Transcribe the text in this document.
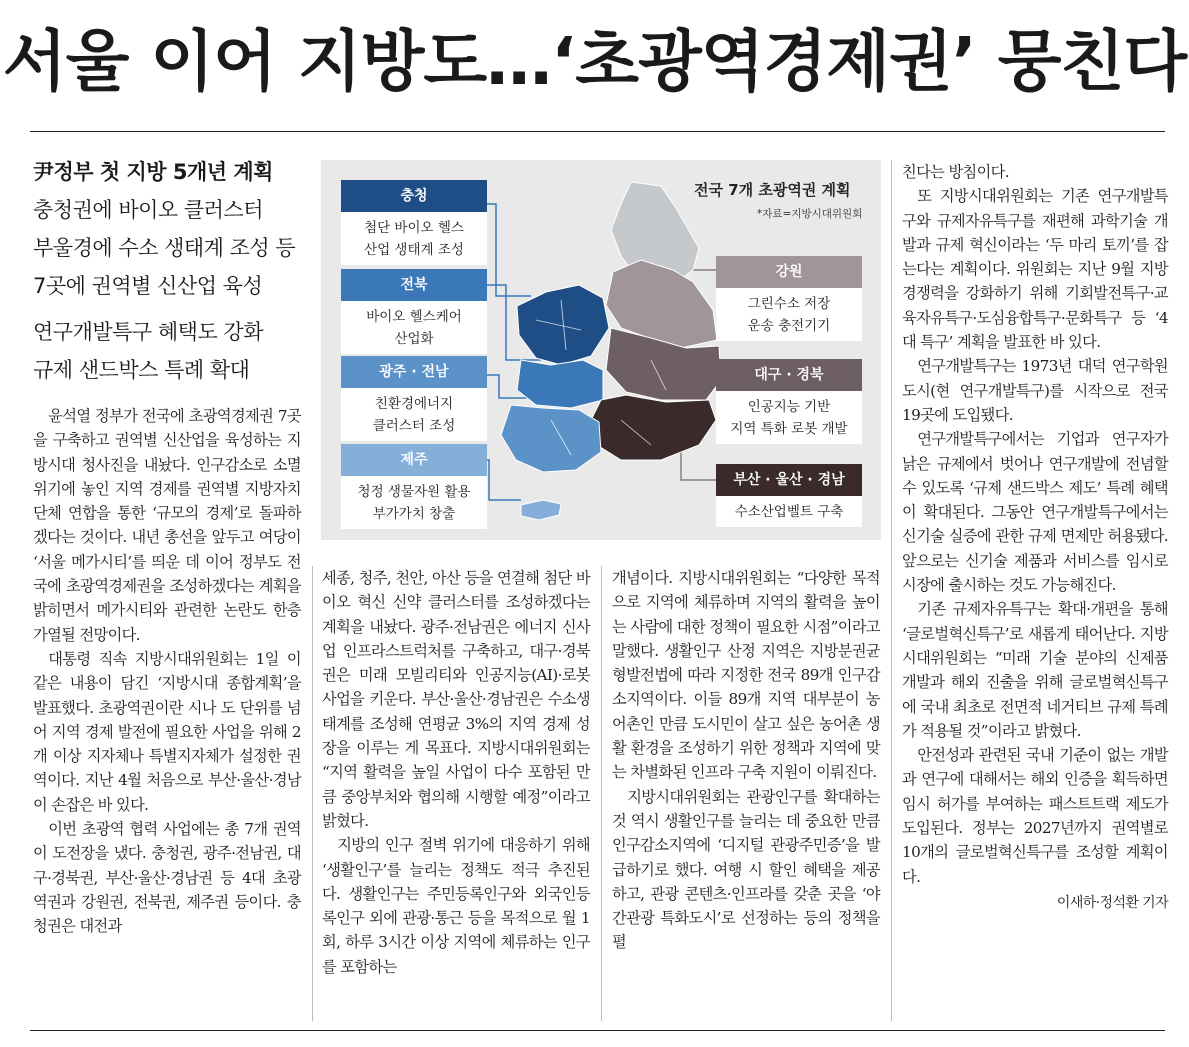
서울 이어 지방도…‘초광역경제권’ 뭉친다
尹정부 첫 지방 5개년 계획
충청권에 바이오 클러스터
부울경에 수소 생태계 조성 등
7곳에 권역별 신산업 육성
연구개발특구 혜택도 강화
규제 샌드박스 특례 확대
전국 7개 초광역권 계획
*자료=지방시대위원회
충청
첨단 바이오 헬스
산업 생태계 조성
전북
바이오 헬스케어
산업화
광주 · 전남
친환경에너지
클러스터 조성
제주
청정 생물자원 활용
부가가치 창출
강원
그린수소 저장
운송 충전기기
대구 · 경북
인공지능 기반
지역 특화 로봇 개발
부산 · 울산 · 경남
수소산업벨트 구축

윤석열 정부가 전국에 초광역경제권 7곳을 구축하고 권역별 신산업을 육성하는 지방시대 청사진을 내놨다. 인구감소로 소멸 위기에 놓인 지역 경제를 권역별 지방자치단체 연합을 통한 ‘규모의 경제’로 돌파하겠다는 것이다. 내년 총선을 앞두고 여당이 ‘서울 메가시티’를 띄운 데 이어 정부도 전국에 초광역경제권을 조성하겠다는 계획을 밝히면서 메가시티와 관련한 논란도 한층 가열될 전망이다.

대통령 직속 지방시대위원회는 1일 이 같은 내용이 담긴 ‘지방시대 종합계획’을 발표했다. 초광역권이란 시나 도 단위를 넘어 지역 경제 발전에 필요한 사업을 위해 2개 이상 지자체나 특별지자체가 설정한 권역이다. 지난 4월 처음으로 부산·울산·경남이 손잡은 바 있다.

이번 초광역 협력 사업에는 총 7개 권역이 도전장을 냈다. 충청권, 광주·전남권, 대구·경북권, 부산·울산·경남권 등 4대 초광역권과 강원권, 전북권, 제주권 등이다. 충청권은 대전과

세종, 청주, 천안, 아산 등을 연결해 첨단 바이오 혁신 신약 클러스터를 조성하겠다는 계획을 내놨다. 광주·전남권은 에너지 신사업 인프라스트럭처를 구축하고, 대구·경북권은 미래 모빌리티와 인공지능(AI)·로봇사업을 키운다. 부산·울산·경남권은 수소생태계를 조성해 연평균 3%의 지역 경제 성장을 이루는 게 목표다. 지방시대위원회는 “지역 활력을 높일 사업이 다수 포함된 만큼 중앙부처와 협의해 시행할 예정”이라고 밝혔다.

지방의 인구 절벽 위기에 대응하기 위해 ‘생활인구’를 늘리는 정책도 적극 추진된다. 생활인구는 주민등록인구와 외국인등록인구 외에 관광·통근 등을 목적으로 월 1회, 하루 3시간 이상 지역에 체류하는 인구를 포함하는

개념이다. 지방시대위원회는 “다양한 목적으로 지역에 체류하며 지역의 활력을 높이는 사람에 대한 정책이 필요한 시점”이라고 말했다. 생활인구 산정 지역은 지방분권균형발전법에 따라 지정한 전국 89개 인구감소지역이다. 이들 89개 지역 대부분이 농어촌인 만큼 도시민이 살고 싶은 농어촌 생활 환경을 조성하기 위한 정책과 지역에 맞는 차별화된 인프라 구축 지원이 이뤄진다.

지방시대위원회는 관광인구를 확대하는 것 역시 생활인구를 늘리는 데 중요한 만큼 인구감소지역에 ‘디지털 관광주민증’을 발급하기로 했다. 여행 시 할인 혜택을 제공하고, 관광 콘텐츠·인프라를 갖춘 곳을 ‘야간관광 특화도시’로 선정하는 등의 정책을 펼

친다는 방침이다.

또 지방시대위원회는 기존 연구개발특구와 규제자유특구를 재편해 과학기술 개발과 규제 혁신이라는 ‘두 마리 토끼’를 잡는다는 계획이다. 위원회는 지난 9월 지방 경쟁력을 강화하기 위해 기회발전특구·교육자유특구·도심융합특구·문화특구 등 ‘4대 특구’ 계획을 발표한 바 있다.

연구개발특구는 1973년 대덕 연구학원도시(현 연구개발특구)를 시작으로 전국 19곳에 도입됐다.

연구개발특구에서는 기업과 연구자가 낡은 규제에서 벗어나 연구개발에 전념할 수 있도록 ‘규제 샌드박스 제도’ 특례 혜택이 확대된다. 그동안 연구개발특구에서는 신기술 실증에 관한 규제 면제만 허용됐다. 앞으로는 신기술 제품과 서비스를 임시로 시장에 출시하는 것도 가능해진다.

기존 규제자유특구는 확대·개편을 통해 ‘글로벌혁신특구’로 새롭게 태어난다. 지방시대위원회는 “미래 기술 분야의 신제품 개발과 해외 진출을 위해 글로벌혁신특구에 국내 최초로 전면적 네거티브 규제 특례가 적용될 것”이라고 밝혔다.

안전성과 관련된 국내 기준이 없는 개발과 연구에 대해서는 해외 인증을 획득하면 임시 허가를 부여하는 패스트트랙 제도가 도입된다. 정부는 2027년까지 권역별로 10개의 글로벌혁신특구를 조성할 계획이다.

이새하·정석환 기자
